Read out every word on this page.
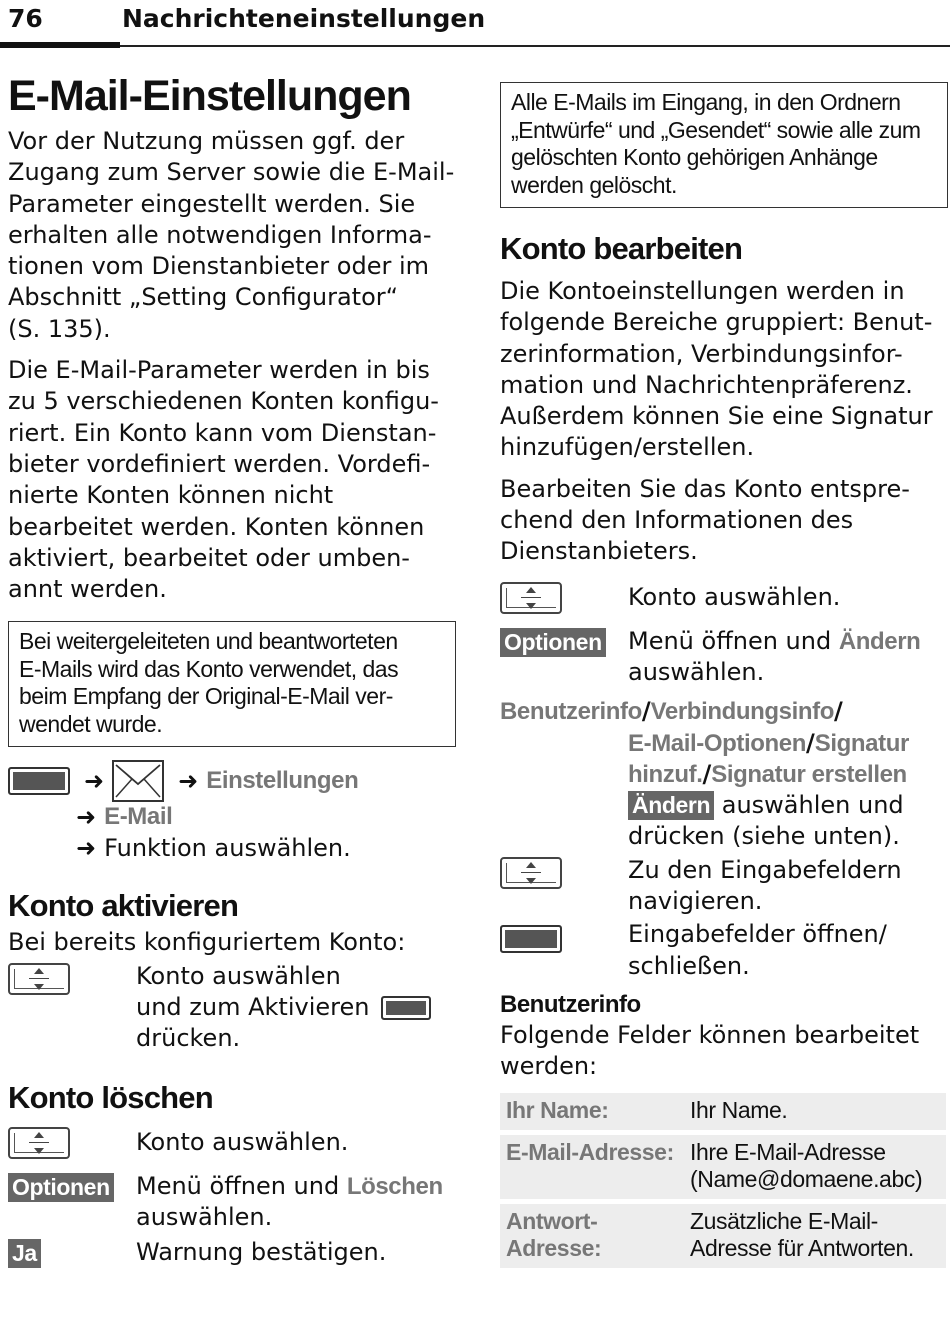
76	Nachrichteneinstellungen
E-Mail-Einstellungen

Vor der Nutzung müssen ggf. der
Zugang zum Server sowie die E-Mail-
Parameter eingestellt werden. Sie
erhalten alle notwendigen Informa-
tionen vom Dienstanbieter oder im
Abschnitt „Setting Configurator“
(S. 135).

Die E-Mail-Parameter werden in bis
zu 5 verschiedenen Konten konfigu-
riert. Ein Konto kann vom Dienstan-
bieter vordefiniert werden. Vordefi-
nierte Konten können nicht
bearbeitet werden. Konten können
aktiviert, bearbeitet oder umben-
annt werden.

Bei weitergeleiteten und beantworteten
E-Mails wird das Konto verwendet, das
beim Empfang der Original-E-Mail ver-
wendet wurde.
➜	➜ Einstellungen
➜ E-Mail
➜ Funktion auswählen.
Konto aktivieren

Bei bereits konfiguriertem Konto:

Konto auswählen
und zum Aktivieren
drücken.
Konto löschen
Konto auswählen.
Optionen Menü öffnen und Löschen
auswählen.
Ja	Warnung bestätigen.
Alle E-Mails im Eingang, in den Ordnern
„Entwürfe“ und „Gesendet“ sowie alle zum
gelöschten Konto gehörigen Anhänge
werden gelöscht.
Konto bearbeiten

Die Kontoeinstellungen werden in
folgende Bereiche gruppiert: Benut-
zerinformation, Verbindungsinfor-
mation und Nachrichtenpräferenz.
Außerdem können Sie eine Signatur
hinzufügen/erstellen.

Bearbeiten Sie das Konto entspre-
chend den Informationen des
Dienstanbieters.

Konto auswählen.
Optionen Menü öffnen und Ändern
auswählen.
Benutzerinfo/Verbindungsinfo/
E-Mail-Optionen/Signatur
hinzuf./Signatur erstellen
Ändern auswählen und
drücken (siehe unten).
Zu den Eingabefeldern
navigieren.
Eingabefelder öffnen/
schließen.
Benutzerinfo

Folgende Felder können bearbeitet
werden:

Ihr Name:	Ihr Name.
E-Mail-Adresse:	Ihre E-Mail-Adresse
(Name@domaene.abc)
Antwort-
Adresse:	Zusätzliche E-Mail-
Adresse für Antworten.
